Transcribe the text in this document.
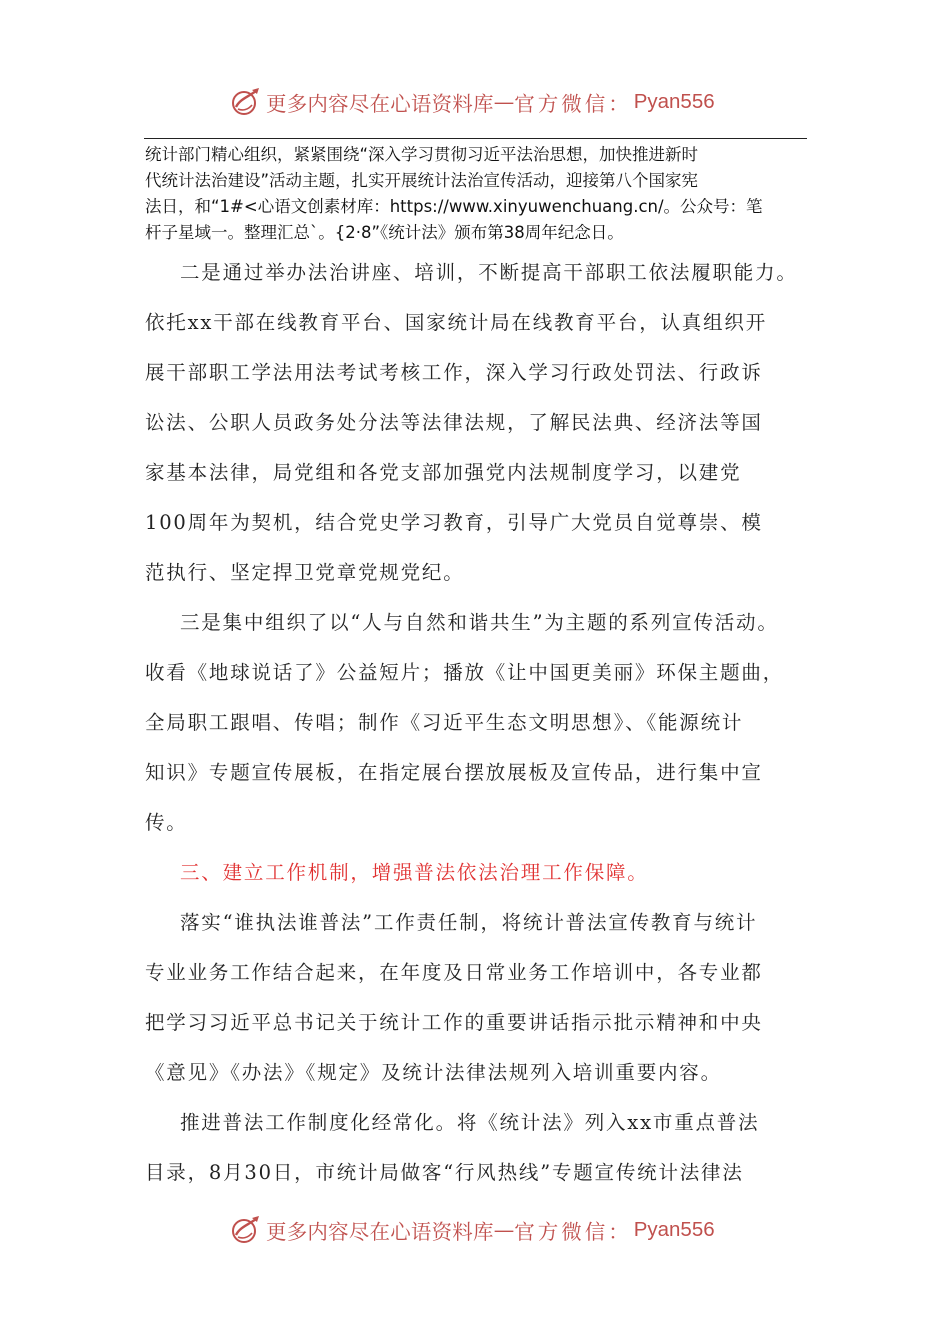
更多内容尽在心语资料库 — 官方微信： Pyan556
统计部门精心组织，紧紧围绕“深入学习贯彻习近平法治思想，加快推进新时
代统计法治建设”活动主题，扎实开展统计法治宣传活动，迎接第八个国家宪
法日，和“1#<心语文创素材库：https://www.xinyuwenchuang.cn/。公众号：笔
杆子星域一。整理汇总`。{2·8”《统计法》颁布第38周年纪念日。
二是通过举办法治讲座、培训，不断提高干部职工依法履职能力。
依托xx干部在线教育平台、国家统计局在线教育平台，认真组织开
展干部职工学法用法考试考核工作，深入学习行政处罚法、行政诉
讼法、公职人员政务处分法等法律法规，了解民法典、经济法等国
家基本法律，局党组和各党支部加强党内法规制度学习，以建党
100周年为契机，结合党史学习教育，引导广大党员自觉尊崇、模
范执行、坚定捍卫党章党规党纪。
三是集中组织了以“人与自然和谐共生”为主题的系列宣传活动。
收看《地球说话了》公益短片；播放《让中国更美丽》环保主题曲，
全局职工跟唱、传唱；制作《习近平生态文明思想》、《能源统计
知识》专题宣传展板，在指定展台摆放展板及宣传品，进行集中宣
传。
三、建立工作机制，增强普法依法治理工作保障。
落实“谁执法谁普法”工作责任制，将统计普法宣传教育与统计
专业业务工作结合起来，在年度及日常业务工作培训中，各专业都
把学习习近平总书记关于统计工作的重要讲话指示批示精神和中央
《意见》《办法》《规定》及统计法律法规列入培训重要内容。
推进普法工作制度化经常化。将《统计法》列入xx市重点普法
目录，8月30日，市统计局做客“行风热线”专题宣传统计法律法
更多内容尽在心语资料库 — 官方微信： Pyan556
